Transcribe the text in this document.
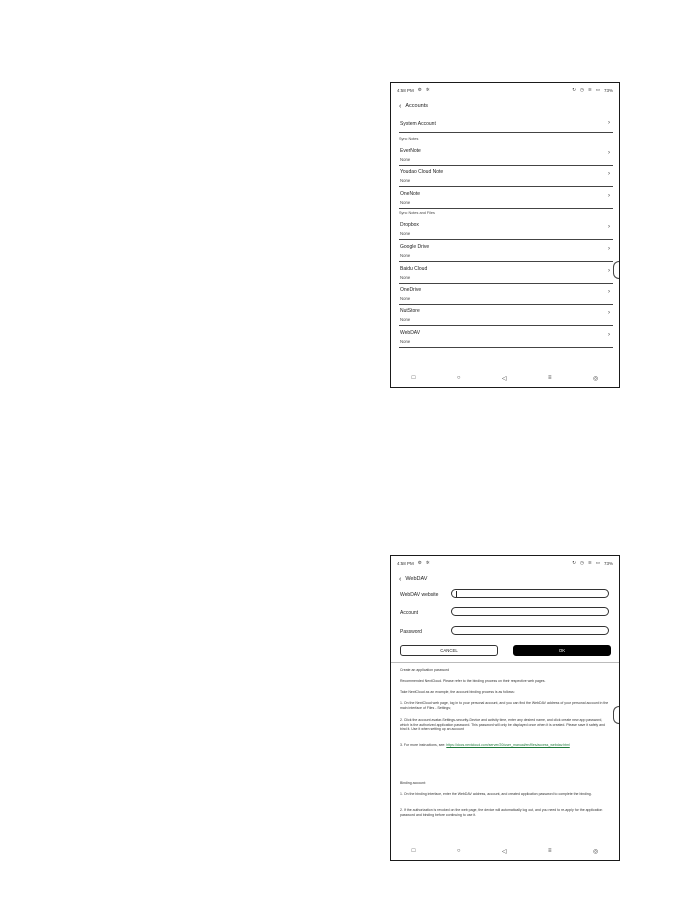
4:58 PM ⚙ ✲	↻ ◷ ≋ ▭ 73%
‹ Accounts
System Account	›
Sync Notes
EverNote
None
›
Youdao Cloud Note
None
›
OneNote
None
›
Sync Notes and Files
Dropbox
None
›
Google Drive
None
›
Baidu Cloud
None
›
OneDrive
None
›
NutStore
None
›
WebDAV
None
›
□	○	◁	≡	◎
4:58 PM ⚙ ✲	↻ ◷ ≋ ▭ 73%
‹ WebDAV
WebDAV website
Account
Password
CANCEL	OK
Create an application password
Recommended NextCloud. Please refer to the binding process on their respective web pages.
Take NextCloud as an example, the account binding process is as follows:
1. On the NextCloud web page, log in to your personal account, and you can find the WebDAV address of your personal account in the main interface of Files - Settings;
2. Click the account avatar-Settings-security-Device and activity time, enter any desired name, and click create new app password, which is the authorized application password. This password will only be displayed once when it is created. Please save it safely and bind it. Use it when setting up an account
3. For more instructions, see: https://docs.nextcloud.com/server/20/user_manual/en/files/access_webdav.html
Binding account:
1. On the binding interface, enter the WebDAV address, account, and created application password to complete the binding.
2. If the authorization is revoked on the web page, the device will automatically log out, and you need to re-apply for the application password and binding before continuing to use it.
□	○	◁	≡	◎
